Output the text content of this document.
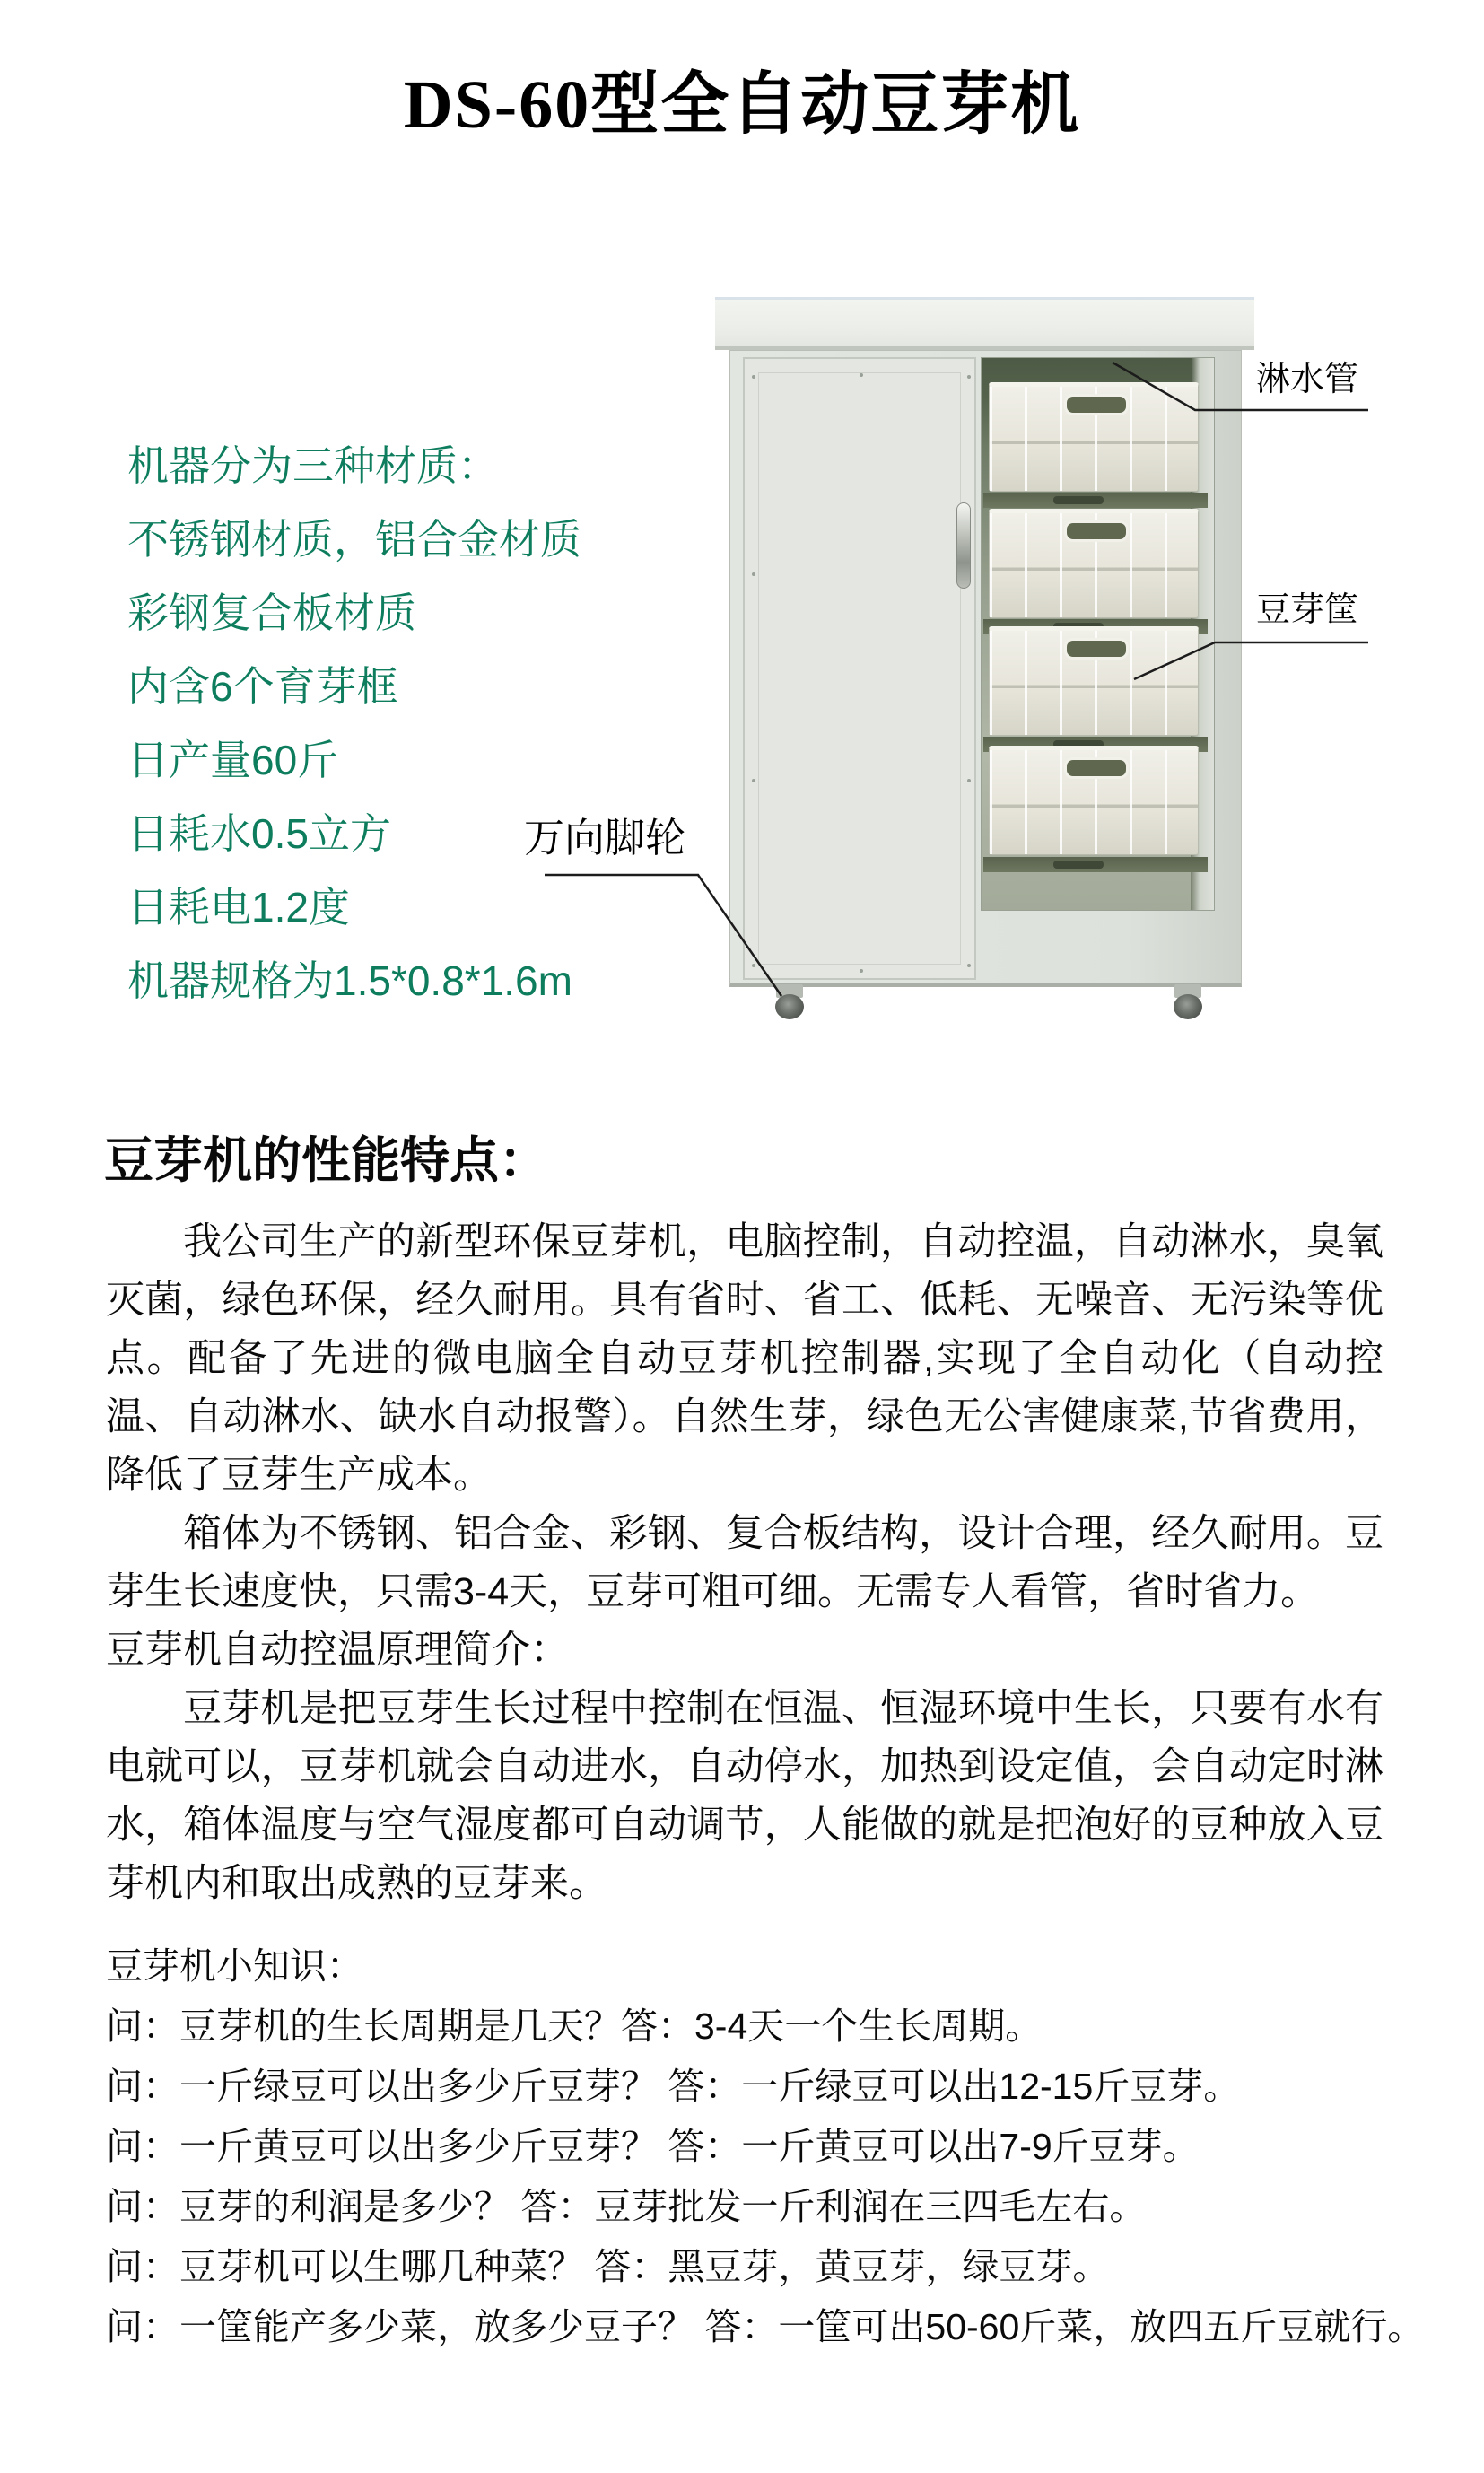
DS-60型全自动豆芽机
机器分为三种材质：
不锈钢材质，铝合金材质
彩钢复合板材质
内含6个育芽框
日产量60斤
日耗水0.5立方
日耗电1.2度
机器规格为1.5*0.8*1.6m
淋水管
豆芽筐
万向脚轮
豆芽机的性能特点：

我公司生产的新型环保豆芽机，电脑控制，自动控温，自动淋水，臭氧灭菌，绿色环保，经久耐用。具有省时、省工、低耗、无噪音、无污染等优点。配备了先进的微电脑全自动豆芽机控制器,实现了全自动化（自动控温、自动淋水、缺水自动报警）。自然生芽，绿色无公害健康菜,节省费用，降低了豆芽生产成本。

箱体为不锈钢、铝合金、彩钢、复合板结构，设计合理，经久耐用。豆芽生长速度快，只需3-4天，豆芽可粗可细。无需专人看管，省时省力。

豆芽机自动控温原理简介：

豆芽机是把豆芽生长过程中控制在恒温、恒湿环境中生长，只要有水有电就可以，豆芽机就会自动进水，自动停水，加热到设定值，会自动定时淋水，箱体温度与空气湿度都可自动调节，人能做的就是把泡好的豆种放入豆芽机内和取出成熟的豆芽来。

豆芽机小知识：
问：豆芽机的生长周期是几天？答：3-4天一个生长周期。
问：一斤绿豆可以出多少斤豆芽？ 答：一斤绿豆可以出12-15斤豆芽。
问：一斤黄豆可以出多少斤豆芽？ 答：一斤黄豆可以出7-9斤豆芽。
问：豆芽的利润是多少？ 答：豆芽批发一斤利润在三四毛左右。
问：豆芽机可以生哪几种菜？ 答：黑豆芽，黄豆芽，绿豆芽。
问：一筐能产多少菜，放多少豆子？ 答：一筐可出50-60斤菜，放四五斤豆就行。
